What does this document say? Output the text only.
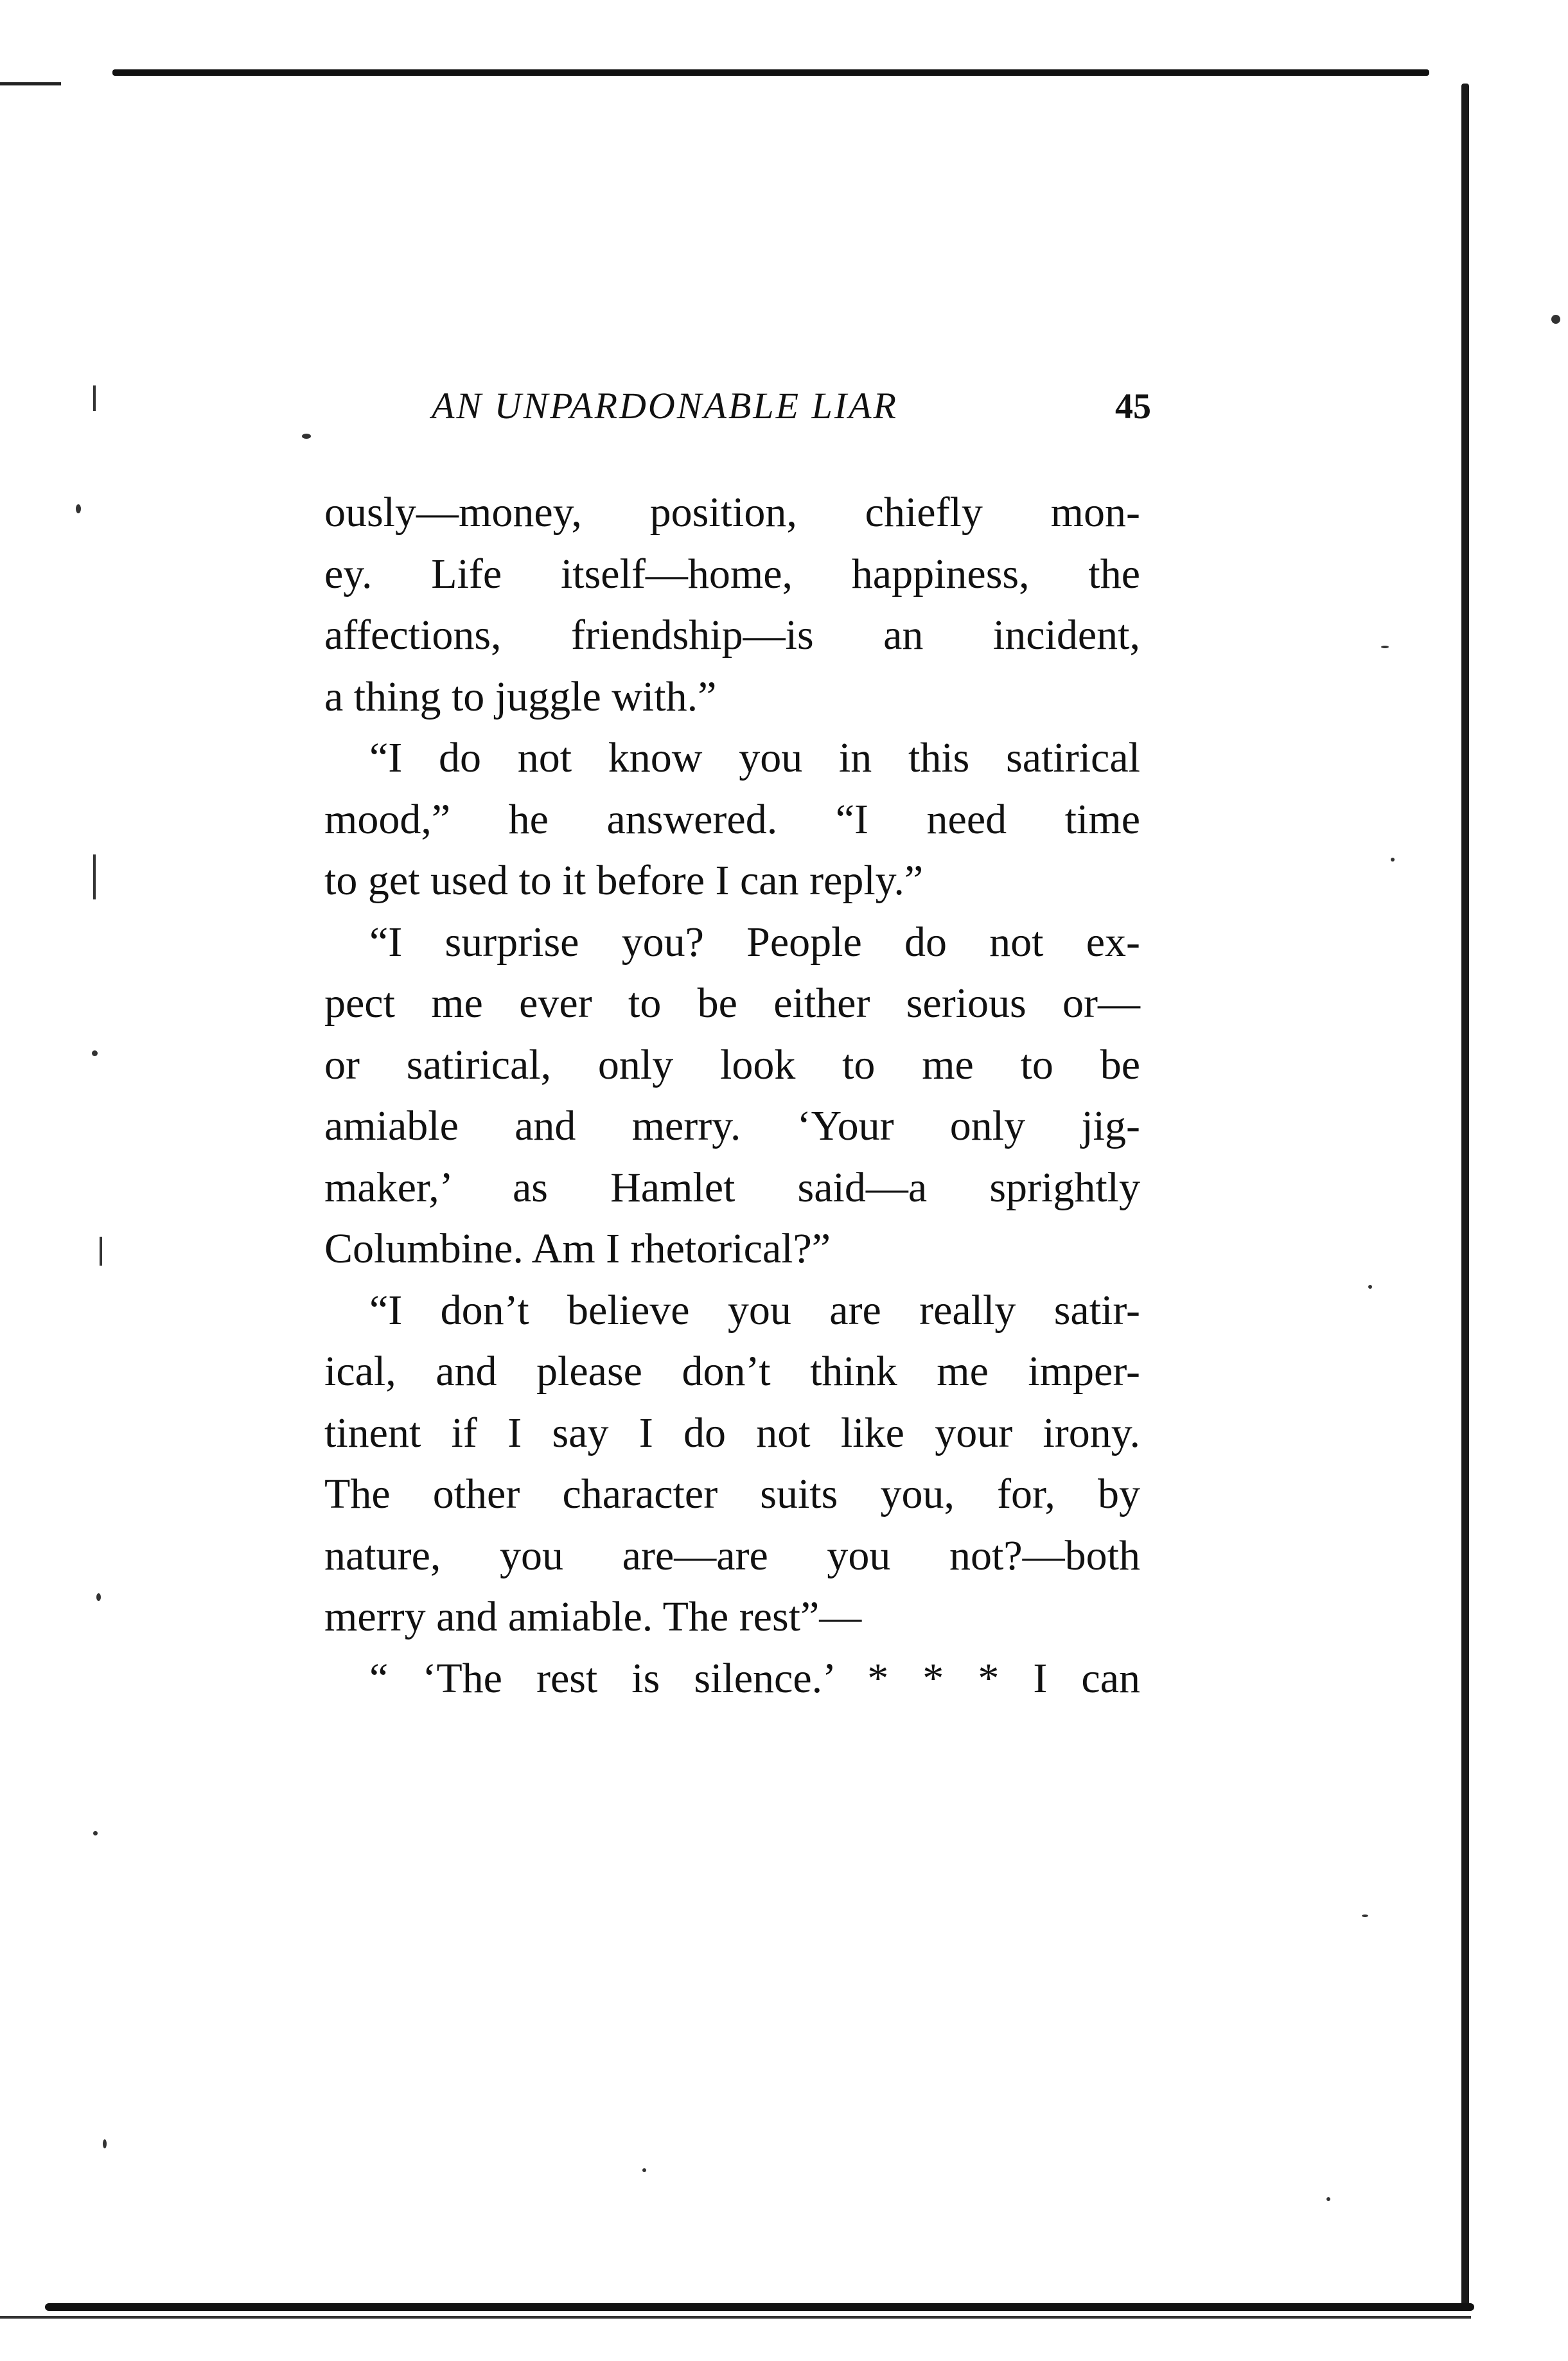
AN UNPARDONABLE LIAR	45
ously—money, position, chiefly mon-
ey. Life itself—home, happiness, the
affections, friendship—is an incident,
a thing to juggle with.”
“I do not know you in this satirical
mood,” he answered. “I need time
to get used to it before I can reply.”
“I surprise you? People do not ex-
pect me ever to be either serious or—
or satirical, only look to me to be
amiable and merry. ‘Your only jig-
maker,’ as Hamlet said—a sprightly
Columbine. Am I rhetorical?”
“I don’t believe you are really satir-
ical, and please don’t think me imper-
tinent if I say I do not like your irony.
The other character suits you, for, by
nature, you are—are you not?—both
merry and amiable. The rest”—
“ ‘The rest is silence.’ * * * I can
